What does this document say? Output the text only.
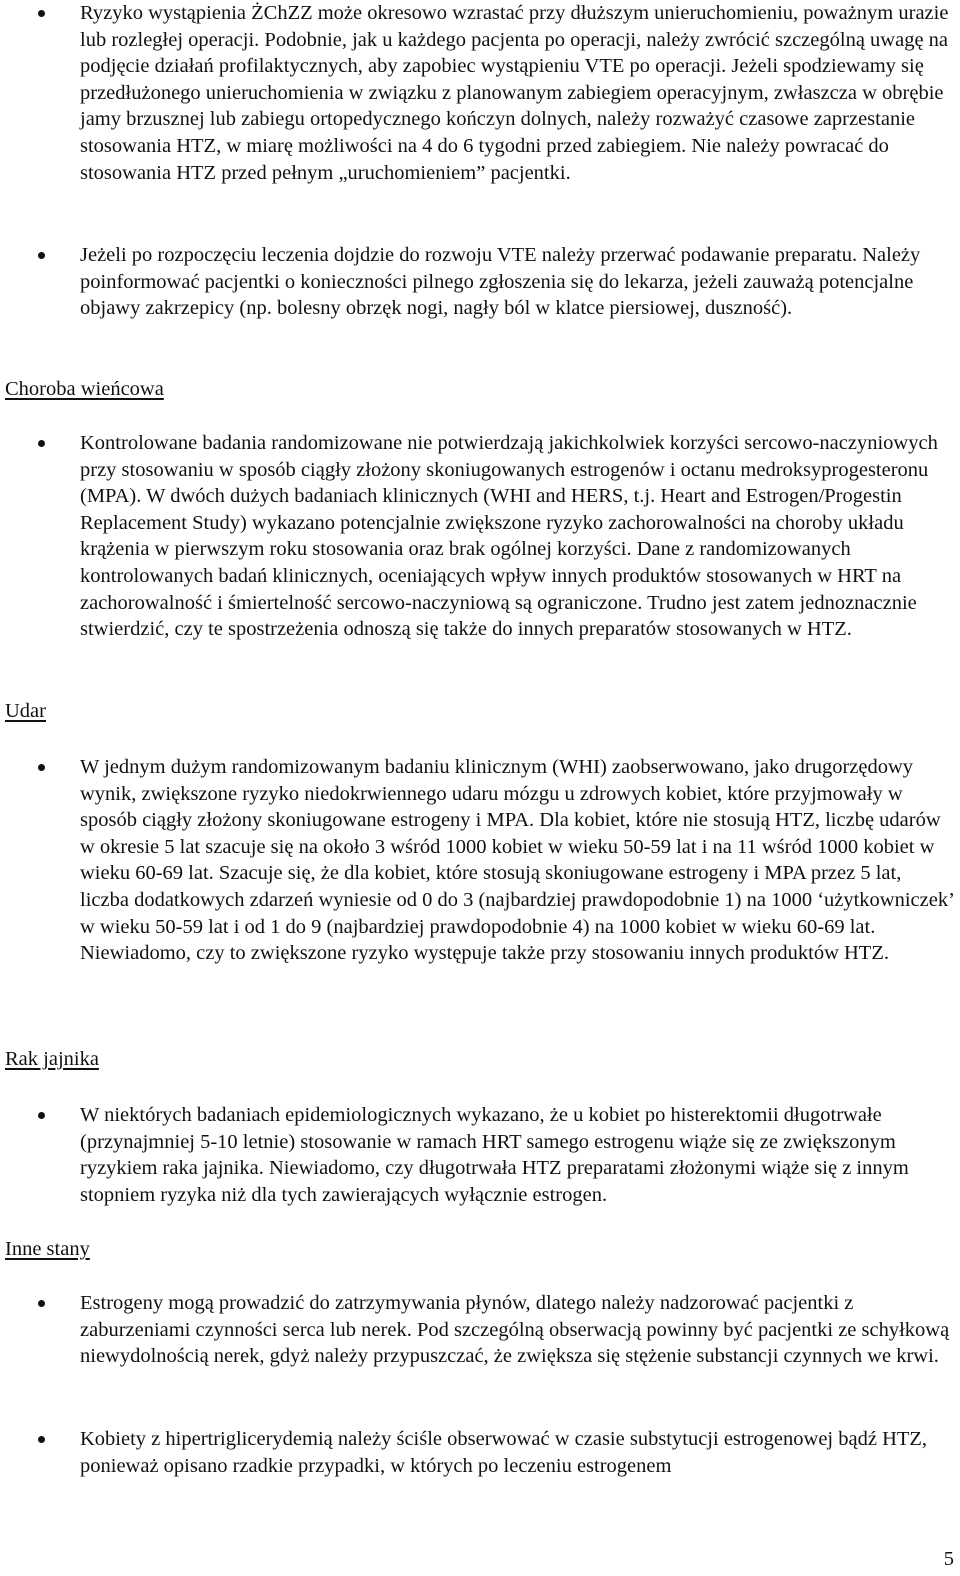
Ryzyko wystąpienia ŻChZZ może okresowo wzrastać przy dłuższym unieruchomieniu, poważnym urazie lub rozległej operacji. Podobnie, jak u każdego pacjenta po operacji, należy zwrócić szczególną uwagę na podjęcie działań profilaktycznych, aby zapobiec wystąpieniu VTE po operacji. Jeżeli spodziewamy się przedłużonego unieruchomienia w związku z planowanym zabiegiem operacyjnym, zwłaszcza w obrębie jamy brzusznej lub zabiegu ortopedycznego kończyn dolnych, należy rozważyć czasowe zaprzestanie stosowania HTZ, w miarę możliwości na 4 do 6 tygodni przed zabiegiem. Nie należy powracać do stosowania HTZ przed pełnym „uruchomieniem” pacjentki.

Jeżeli po rozpoczęciu leczenia dojdzie do rozwoju VTE należy przerwać podawanie preparatu. Należy poinformować pacjentki o konieczności pilnego zgłoszenia się do lekarza, jeżeli zauważą potencjalne objawy zakrzepicy (np. bolesny obrzęk nogi, nagły ból w klatce piersiowej, duszność).

Choroba wieńcowa

Kontrolowane badania randomizowane nie potwierdzają jakichkolwiek korzyści sercowo-naczyniowych przy stosowaniu w sposób ciągły złożony skoniugowanych estrogenów i octanu medroksyprogesteronu (MPA). W dwóch dużych badaniach klinicznych (WHI and HERS, t.j. Heart and Estrogen/Progestin Replacement Study) wykazano potencjalnie zwiększone ryzyko zachorowalności na choroby układu krążenia w pierwszym roku stosowania oraz brak ogólnej korzyści. Dane z randomizowanych kontrolowanych badań klinicznych, oceniających wpływ innych produktów stosowanych w HRT na zachorowalność i śmiertelność sercowo-naczyniową są ograniczone. Trudno jest zatem jednoznacznie stwierdzić, czy te spostrzeżenia odnoszą się także do innych preparatów stosowanych w HTZ.

Udar

W jednym dużym randomizowanym badaniu klinicznym (WHI) zaobserwowano, jako drugorzędowy wynik, zwiększone ryzyko niedokrwiennego udaru mózgu u zdrowych kobiet, które przyjmowały w sposób ciągły złożony skoniugowane estrogeny i MPA. Dla kobiet, które nie stosują HTZ, liczbę udarów w okresie 5 lat szacuje się na około 3 wśród 1000 kobiet w wieku 50-59 lat i na 11 wśród 1000 kobiet w wieku 60-69 lat. Szacuje się, że dla kobiet, które stosują skoniugowane estrogeny i MPA przez 5 lat, liczba dodatkowych zdarzeń wyniesie od 0 do 3 (najbardziej prawdopodobnie 1) na 1000 ‘użytkowniczek’ w wieku 50-59 lat i od 1 do 9 (najbardziej prawdopodobnie 4) na 1000 kobiet w wieku 60-69 lat. Niewiadomo, czy to zwiększone ryzyko występuje także przy stosowaniu innych produktów HTZ.

Rak jajnika

W niektórych badaniach epidemiologicznych wykazano, że u kobiet po histerektomii długotrwałe (przynajmniej 5-10 letnie) stosowanie w ramach HRT samego estrogenu wiąże się ze zwiększonym ryzykiem raka jajnika. Niewiadomo, czy długotrwała HTZ preparatami złożonymi wiąże się z innym stopniem ryzyka niż dla tych zawierających wyłącznie estrogen.

Inne stany

Estrogeny mogą prowadzić do zatrzymywania płynów, dlatego należy nadzorować pacjentki z zaburzeniami czynności serca lub nerek. Pod szczególną obserwacją powinny być pacjentki ze schyłkową niewydolnością nerek, gdyż należy przypuszczać, że zwiększa się stężenie substancji czynnych we krwi.

Kobiety z hipertriglicerydemią należy ściśle obserwować w czasie substytucji estrogenowej bądź HTZ, ponieważ opisano rzadkie przypadki, w których po leczeniu estrogenem

5
